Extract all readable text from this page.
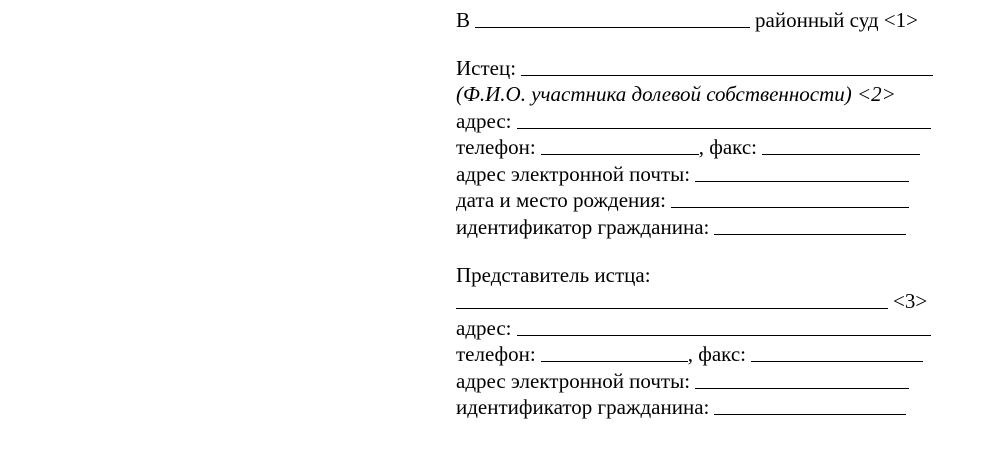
В	районный суд <1>
Истец:
(Ф.И.О. участника долевой собственности) <2>
адрес:
телефон:	, факс:
адрес электронной почты:
дата и место рождения:
идентификатор гражданина:
Представитель истца:
<3>
адрес:
телефон:	, факс:
адрес электронной почты:
идентификатор гражданина:
